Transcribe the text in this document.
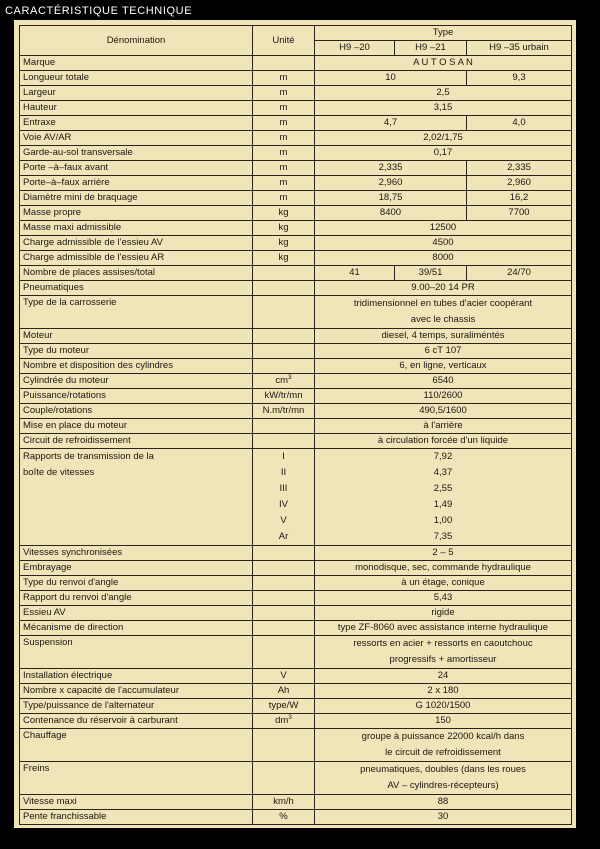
CARACTÉRISTIQUE TECHNIQUE
Dénomination	Unité	Type		
		H9 –20	H9 –21	H9 –35 urbain
Marque		A U T O S A N		
Longueur totale	m	10		9,3
Largeur	m	2,5		
Hauteur	m	3,15		
Entraxe	m	4,7		4,0
Voie AV/AR	m	2,02/1,75		
Garde-au-sol transversale	m	0,17		
Porte –à–faux avant	m	2,335		2,335
Porte–à–faux arrière	m	2,960		2,960
Diamètre mini de braquage	m	18,75		16,2
Masse propre	kg	8400		7700
Masse maxi admissible	kg	12500		
Charge admissible de l'essieu AV	kg	4500		
Charge admissible de l'essieu AR	kg	8000		
Nombre de places assises/total		41	39/51	24/70
Pneumatiques		9.00–20 14 PR		
Type de la carrosserie		tridimensionnel en tubes d'acier coopérant
avec le chassis		

Moteur		diesel, 4 temps, suraliméntés		
Type du moteur		6 cT 107		
Nombre et disposition des cylindres		6, en ligne, verticaux		
Cylindrée du moteur	$cm^3$	6540		
Puissance/rotations	kW/tr/mn	110/2600		
Couple/rotations	N.m/tr/mn	490,5/1600		
Mise en place du moteur		à l'arrière		
Circuit de refroidissement		à circulation forcée d'un liquide		
Rapports de transmission de la	I	7,92		
boîte de vitesses	II	4,37		
	III	2,55		
	IV	1,49		
	V	1,00		
	Ar	7,35		
Vitesses synchronisées		2 – 5		
Embrayage		monodisque, sec, commande hydraulique		
Type du renvoi d'angle		à un étage, conique		
Rapport du renvoi d'angle		5,43		
Essieu AV		rigide		
Mécanisme de direction		type ZF-8060 avec assistance interne hydraulique		
Suspension		ressorts en acier + ressorts en caoutchouc
progressifs + amortisseur		

Installation électrique	V	24		
Nombre x capacité de l'accumulateur	Ah	2 x 180		
Type/puissance de l'alternateur	type/W	G 1020/1500		
Contenance du réservoir à carburant	$dm^3$	150		
Chauffage		groupe à puissance 22000 kcal/h dans
le circuit de refroidissement		

Freins		pneumatiques, doubles (dans les roues
AV – cylindres-récepteurs)		

Vitesse maxi	km/h	88		
Pente franchissable	%	30		
